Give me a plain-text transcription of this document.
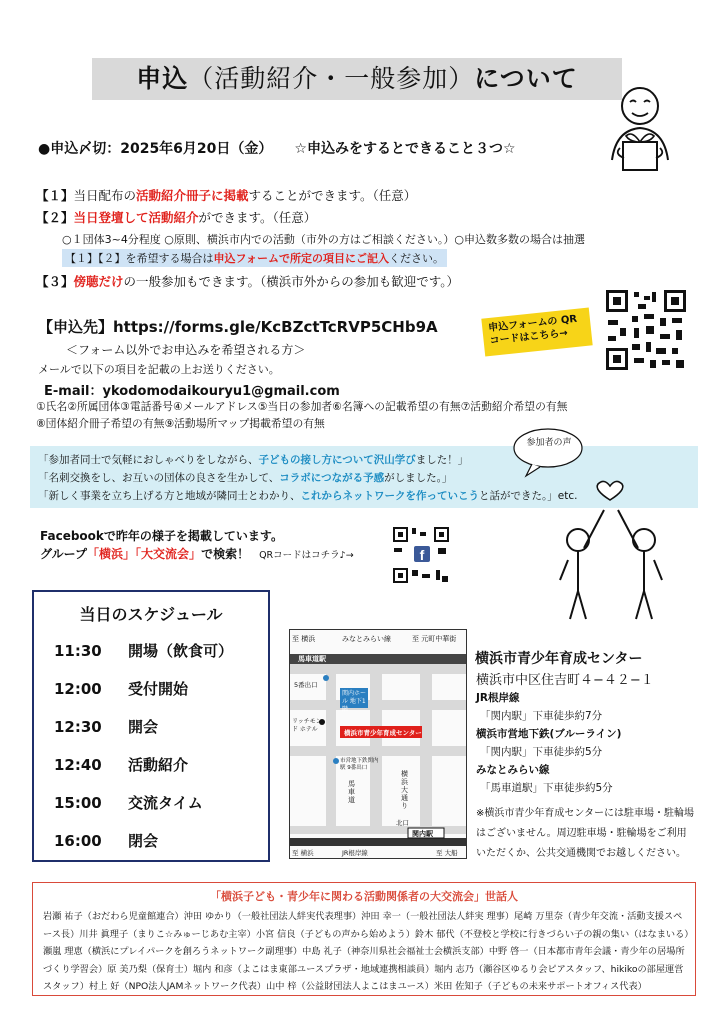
申込（活動紹介・一般参加）について
●申込〆切：2025年6月20日（金） ☆申込みをするとできること３つ☆
【１】当日配布の活動紹介冊子に掲載することができます。（任意）
【２】当日登壇して活動紹介ができます。（任意）
○１団体3~4分程度 ○原則、横浜市内での活動（市外の方はご相談ください。）○申込数多数の場合は抽選
【１】【２】を希望する場合は申込フォームで所定の項目にご記入ください。
【３】傍聴だけの一般参加もできます。（横浜市外からの参加も歓迎です。）
【申込先】https://forms.gle/KcBZctTcRVP5CHb9A	申込フォームの QRコードはこちら→
＜フォーム以外でお申込みを希望される方＞
メールで以下の項目を記載の上お送りください。
E-mail：ykodomodaikouryu1@gmail.com
①氏名②所属団体③電話番号④メールアドレス⑤当日の参加者⑥名簿への記載希望の有無⑦活動紹介希望の有無
⑧団体紹介冊子希望の有無⑨活動場所マップ掲載希望の有無
「参加者同士で気軽におしゃべりをしながら、子どもの接し方について沢山学びました！」
「名刺交換をし、お互いの団体の良さを生かして、コラボにつながる予感がしました。」
「新しく事業を立ち上げる方と地域が隣同士とわかり、これからネットワークを作っていこうと話ができた。」etc.
参加者の声
Facebookで昨年の様子を掲載しています。
グループ「横浜」「大交流会」で検索！ QRコードはコチラ♪→	f
当日のスケジュール
11:30 開場（飲食可）
12:00 受付開始
12:30 開会
12:40 活動紹介
15:00 交流タイム
16:00 閉会
至 横浜	みなとみらい線	至 元町中華街
馬車道駅
5番出口
関内ホール 地下1階
横浜市青少年育成センター
リッチモンド ホテル
市営地下鉄関内駅 9番出口
馬車道
横浜大通り
北口
関内駅
至 横浜	JR根岸線	至 大船
横浜市青少年育成センター
横浜市中区住吉町４−４２−１
JR根岸線
「関内駅」下車徒歩約7分
横浜市営地下鉄(ブルーライン)
「関内駅」下車徒歩約5分
みなとみらい線
「馬車道駅」下車徒歩約5分
※横浜市青少年育成センターには駐車場・駐輪場はございません。周辺駐車場・駐輪場をご利用いただくか、公共交通機関でお越しください。
「横浜子ども・青少年に関わる活動関係者の大交流会」世話人
岩瀬 祐子（おだわら児童館連合）沖田 ゆかり（一般社団法人絆実代表理事）沖田 幸一（一般社団法人絆実 理事）尾崎 万里奈（青少年交流・活動支援スペース長）川井 眞理子（まりこ☆みゅーじあむ主宰）小宮 信良（子どもの声から始めよう）鈴木 郁代（不登校と学校に行きづらい子の親の集い（はなまいる）瀬嵐 理恵（横浜にプレイパークを創ろうネットワーク副理事）中島 礼子（神奈川県社会福祉士会横浜支部）中野 啓一（日本都市青年会議・青少年の居場所づくり学習会）原 美乃梨（保育士）堀内 和彦（よこはま東部ユースプラザ・地域連携相談員）堀内 志乃（瀬谷区ゆるり会ピアスタッフ、hikikoの部屋運営スタッフ）村上 好（NPO法人JAMネットワーク代表）山中 梓（公益財団法人よこはまユース）米田 佐知子（子どもの未来サポートオフィス代表）
